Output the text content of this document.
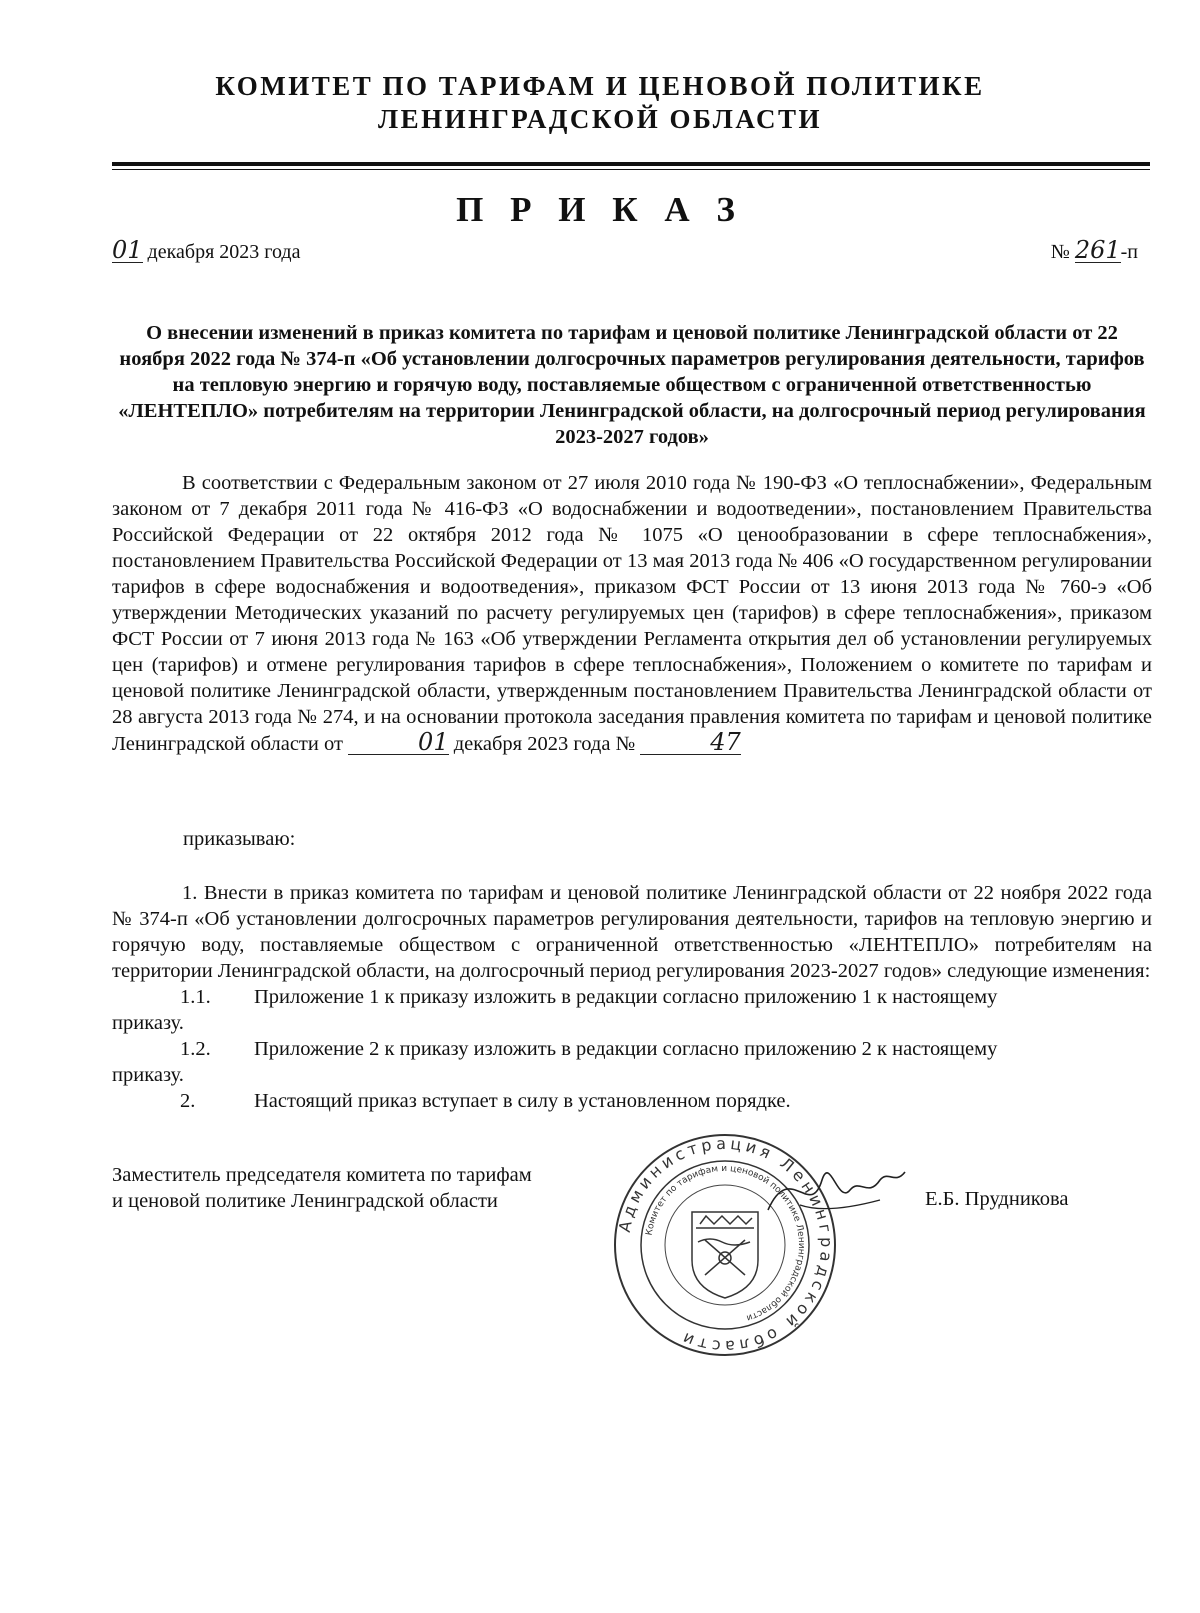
КОМИТЕТ ПО ТАРИФАМ И ЦЕНОВОЙ ПОЛИТИКЕ
ЛЕНИНГРАДСКОЙ ОБЛАСТИ
П Р И К А З
01 декабря 2023 года	№ 261-п
О внесении изменений в приказ комитета по тарифам и ценовой политике Ленинградской области от 22 ноября 2022 года № 374-п «Об установлении долгосрочных параметров регулирования деятельности, тарифов на тепловую энергию и горячую воду, поставляемые обществом с ограниченной ответственностью «ЛЕНТЕПЛО» потребителям на территории Ленинградской области, на долгосрочный период регулирования 2023-2027 годов»
В соответствии с Федеральным законом от 27 июля 2010 года № 190-ФЗ «О теплоснабжении», Федеральным законом от 7 декабря 2011 года № 416-ФЗ «О водоснабжении и водоотведении», постановлением Правительства Российской Федерации от 22 октября 2012 года № 1075 «О ценообразовании в сфере теплоснабжения», постановлением Правительства Российской Федерации от 13 мая 2013 года № 406 «О государственном регулировании тарифов в сфере водоснабжения и водоотведения», приказом ФСТ России от 13 июня 2013 года № 760-э «Об утверждении Методических указаний по расчету регулируемых цен (тарифов) в сфере теплоснабжения», приказом ФСТ России от 7 июня 2013 года № 163 «Об утверждении Регламента открытия дел об установлении регулируемых цен (тарифов) и отмене регулирования тарифов в сфере теплоснабжения», Положением о комитете по тарифам и ценовой политике Ленинградской области, утвержденным постановлением Правительства Ленинградской области от 28 августа 2013 года № 274, и на основании протокола заседания правления комитета по тарифам и ценовой политике Ленинградской области от	01 декабря 2023 года №	47
приказываю:

1. Внести в приказ комитета по тарифам и ценовой политике Ленинградской области от 22 ноября 2022 года № 374-п «Об установлении долгосрочных параметров регулирования деятельности, тарифов на тепловую энергию и горячую воду, поставляемые обществом с ограниченной ответственностью «ЛЕНТЕПЛО» потребителям на территории Ленинградской области, на долгосрочный период регулирования 2023-2027 годов» следующие изменения:

1.1. Приложение 1 к приказу изложить в редакции согласно приложению 1 к настоящему

приказу.

1.2. Приложение 2 к приказу изложить в редакции согласно приложению 2 к настоящему

приказу.

2.	Настоящий приказ вступает в силу в установленном порядке.

Заместитель председателя комитета по тарифам
и ценовой политике Ленинградской области
Администрация Ленинградской области
Комитет по тарифам и ценовой политике Ленинградской области
Е.Б. Прудникова
